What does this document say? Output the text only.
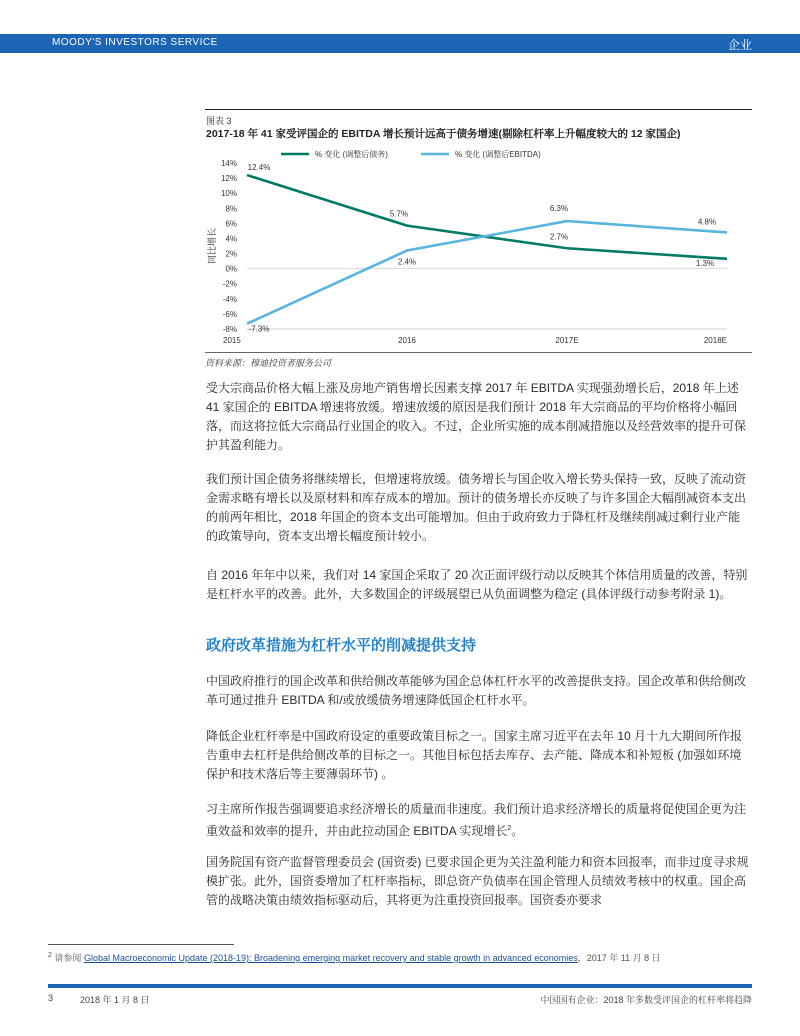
MOODY'S INVESTORS SERVICE	企业
图表 3
2017-18 年 41 家受评国企的 EBITDA 增长预计远高于债务增速(剔除杠杆率上升幅度较大的 12 家国企)
14%
12%
10%
8%
6%
4%
2%
0%
-2%
-4%
-6%
-8%
2015	2016	2017E	2018E
同比增长
12.4%
5.7%
2.7%
1.3%
-7.3%
2.4%
6.3%
4.8%
% 变化 (调整后债务)	% 变化 (调整后EBITDA)
资料来源：穆迪投资者服务公司

受大宗商品价格大幅上涨及房地产销售增长因素支撑 2017 年 EBITDA 实现强劲增长后，2018 年上述 41 家国企的 EBITDA 增速将放缓。增速放缓的原因是我们预计 2018 年大宗商品的平均价格将小幅回落，而这将拉低大宗商品行业国企的收入。不过，企业所实施的成本削减措施以及经营效率的提升可保护其盈利能力。

我们预计国企债务将继续增长，但增速将放缓。债务增长与国企收入增长势头保持一致，反映了流动资金需求略有增长以及原材料和库存成本的增加。预计的债务增长亦反映了与许多国企大幅削减资本支出的前两年相比，2018 年国企的资本支出可能增加。但由于政府致力于降杠杆及继续削减过剩行业产能的政策导向，资本支出增长幅度预计较小。

自 2016 年年中以来，我们对 14 家国企采取了 20 次正面评级行动以反映其个体信用质量的改善，特别是杠杆水平的改善。此外，大多数国企的评级展望已从负面调整为稳定 (具体评级行动参考附录 1)。

政府改革措施为杠杆水平的削减提供支持

中国政府推行的国企改革和供给侧改革能够为国企总体杠杆水平的改善提供支持。国企改革和供给侧改革可通过推升 EBITDA 和/或放缓债务增速降低国企杠杆水平。

降低企业杠杆率是中国政府设定的重要政策目标之一。国家主席习近平在去年 10 月十九大期间所作报告重申去杠杆是供给侧改革的目标之一。其他目标包括去库存、去产能、降成本和补短板 (加强如环境保护和技术落后等主要薄弱环节) 。

习主席所作报告强调要追求经济增长的质量而非速度。我们预计追求经济增长的质量将促使国企更为注重效益和效率的提升，并由此拉动国企 EBITDA 实现增长$^2$。

国务院国有资产监督管理委员会 (国资委) 已要求国企更为关注盈利能力和资本回报率，而非过度寻求规模扩张。此外，国资委增加了杠杆率指标，即总资产负债率在国企管理人员绩效考核中的权重。国企高管的战略决策由绩效指标驱动后，其将更为注重投资回报率。国资委亦要求

$^2$ 请参阅 Global Macroeconomic Update (2018-19): Broadening emerging market recovery and stable growth in advanced economies，2017 年 11 月 8 日
3	2018 年 1 月 8 日	中国国有企业：2018 年多数受评国企的杠杆率将趋降
